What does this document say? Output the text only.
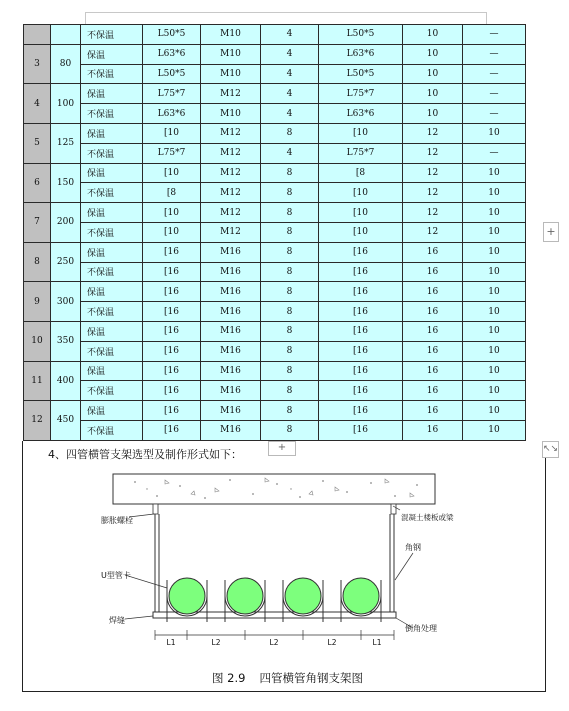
		不保温	L50*5	M10	4	L50*5	10	—
3	80	保温	L63*6	M10	4	L63*6	10	—
		不保温	L50*5	M10	4	L50*5	10	—
4	100	保温	L75*7	M12	4	L75*7	10	—
		不保温	L63*6	M10	4	L63*6	10	—
5	125	保温	[10	M12	8	[10	12	10
		不保温	L75*7	M12	4	L75*7	12	—
6	150	保温	[10	M12	8	[8	12	10
		不保温	[8	M12	8	[10	12	10
7	200	保温	[10	M12	8	[10	12	10
		不保温	[10	M12	8	[10	12	10
8	250	保温	[16	M16	8	[16	16	10
		不保温	[16	M16	8	[16	16	10
9	300	保温	[16	M16	8	[16	16	10
		不保温	[16	M16	8	[16	16	10
10	350	保温	[16	M16	8	[16	16	10
		不保温	[16	M16	8	[16	16	10
11	400	保温	[16	M16	8	[16	16	10
		不保温	[16	M16	8	[16	16	10
12	450	保温	[16	M16	8	[16	16	10
		不保温	[16	M16	8	[16	16	10
+
4、四管横管支架选型及制作形式如下：
+	↖↘
膨胀螺栓
U型管卡
焊缝
混凝土楼板或梁
角钢
倒角处理
L1	L2	L2	L2	L1
图 2.9 四管横管角钢支架图
